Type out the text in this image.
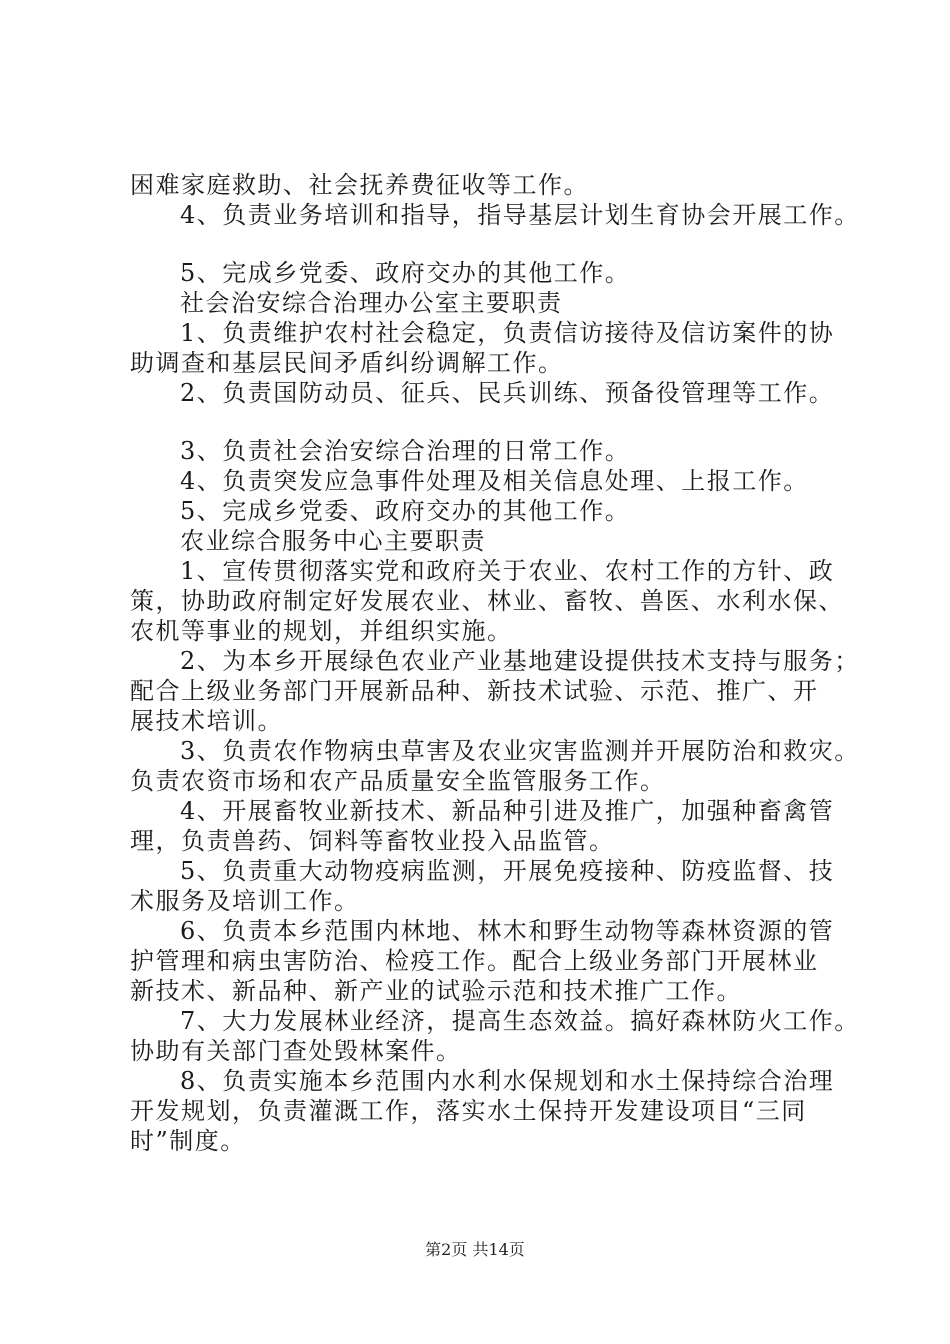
困难家庭救助、社会抚养费征收等工作。
4、负责业务培训和指导，指导基层计划生育协会开展工作。
5、完成乡党委、政府交办的其他工作。
社会治安综合治理办公室主要职责
1、负责维护农村社会稳定，负责信访接待及信访案件的协
助调查和基层民间矛盾纠纷调解工作。
2、负责国防动员、征兵、民兵训练、预备役管理等工作。
3、负责社会治安综合治理的日常工作。
4、负责突发应急事件处理及相关信息处理、上报工作。
5、完成乡党委、政府交办的其他工作。
农业综合服务中心主要职责
1、宣传贯彻落实党和政府关于农业、农村工作的方针、政
策，协助政府制定好发展农业、林业、畜牧、兽医、水利水保、
农机等事业的规划，并组织实施。
2、为本乡开展绿色农业产业基地建设提供技术支持与服务；
配合上级业务部门开展新品种、新技术试验、示范、推广、开
展技术培训。
3、负责农作物病虫草害及农业灾害监测并开展防治和救灾。
负责农资市场和农产品质量安全监管服务工作。
4、开展畜牧业新技术、新品种引进及推广，加强种畜禽管
理，负责兽药、饲料等畜牧业投入品监管。
5、负责重大动物疫病监测，开展免疫接种、防疫监督、技
术服务及培训工作。
6、负责本乡范围内林地、林木和野生动物等森林资源的管
护管理和病虫害防治、检疫工作。配合上级业务部门开展林业
新技术、新品种、新产业的试验示范和技术推广工作。
7、大力发展林业经济，提高生态效益。搞好森林防火工作。
协助有关部门查处毁林案件。
8、负责实施本乡范围内水利水保规划和水土保持综合治理
开发规划，负责灌溉工作，落实水土保持开发建设项目“三同
时”制度。
第2页 共14页
